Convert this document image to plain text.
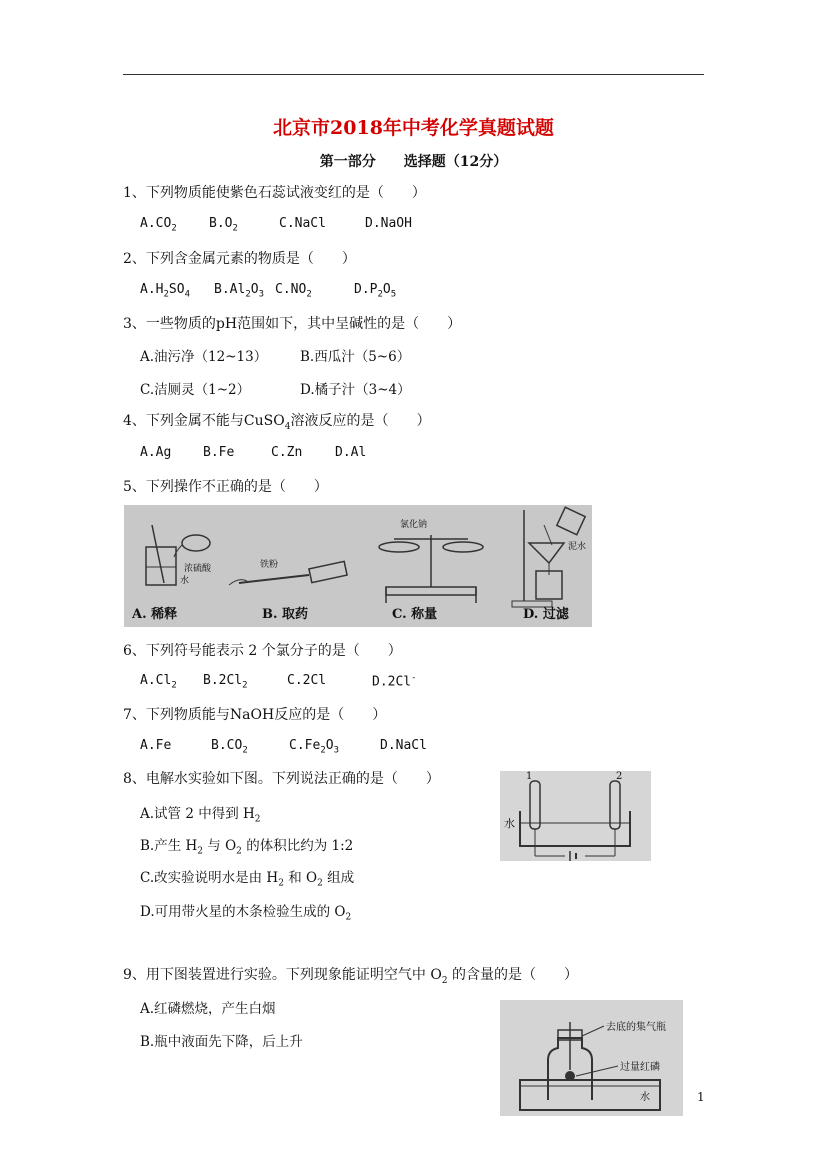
北京市2018年中考化学真题试题
第一部分　　选择题（12分）
1、下列物质能使紫色石蕊试液变红的是（　　）
$A.CO_2$ $B.O_2$	C.NaCl	D.NaOH
2、下列含金属元素的物质是（　　）
$A.H_2SO_4$ $B.Al_2O_3$ $C.NO_2$	$D.P_2O_5$
3、一些物质的pH范围如下，其中呈碱性的是（　　）
A.油污净（12~13） B.西瓜汁（5~6）
C.洁厕灵（1~2）	D.橘子汁（3~4）
4、下列金属不能与CuSO$_4$溶液反应的是（　　）
A.Ag B.Fe	C.Zn	D.Al
5、下列操作不正确的是（　　）
A. 稀释	B. 取药	C. 称量	D. 过滤
浓硫酸
水
铁粉
氯化钠
泥水
6、下列符号能表示 2 个氯分子的是（　　）
$A.Cl_2$ $B.2Cl_2$	C.2Cl	D.2Cl-
7、下列物质能与NaOH反应的是（　　）
A.Fe	$B.CO_2$	$C.Fe_2O_3$	D.NaCl
8、电解水实验如下图。下列说法正确的是（　　）
A.试管 2 中得到 $H_2$
B.产生 $H_2$ 与 $O_2$ 的体积比约为 1:2
C.改实验说明水是由 $H_2$ 和 $O_2$ 组成
D.可用带火星的木条检验生成的 $O_2$
1	2
水
9、用下图装置进行实验。下列现象能证明空气中 $O_2$ 的含量的是（　　）
A.红磷燃烧，产生白烟
B.瓶中液面先下降，后上升
去底的集气瓶
过量红磷
水	1
